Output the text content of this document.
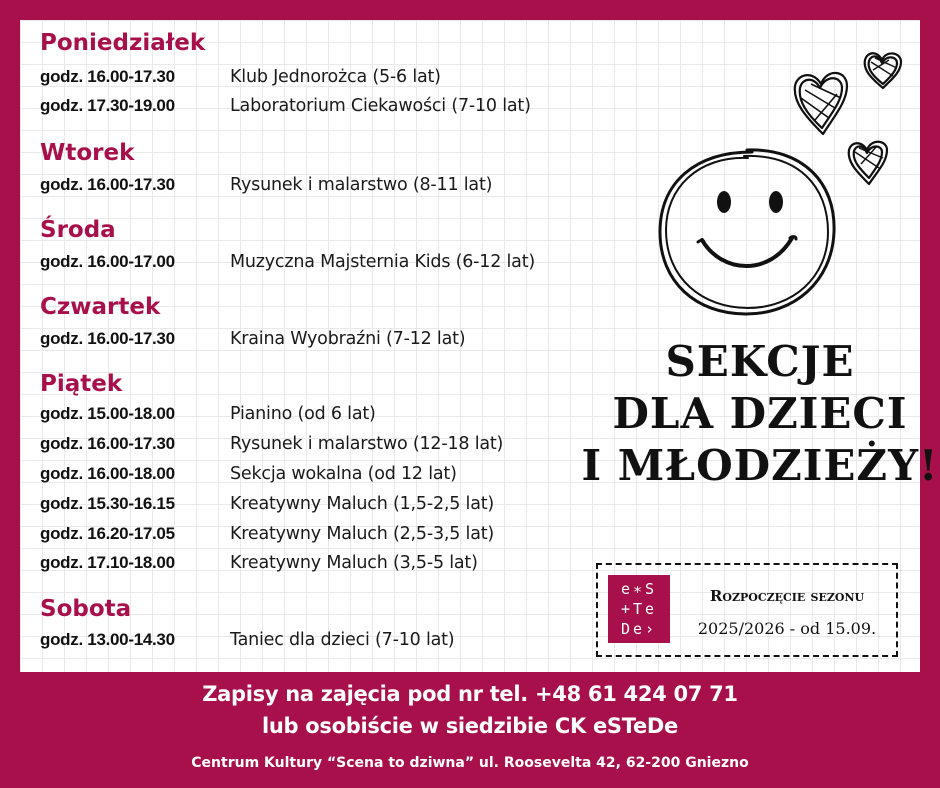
Poniedziałek
godz. 16.00-17.30	Klub Jednorożca (5-6 lat)
godz. 17.30-19.00	Laboratorium Ciekawości (7-10 lat)
Wtorek
godz. 16.00-17.30	Rysunek i malarstwo (8-11 lat)
Środa
godz. 16.00-17.00	Muzyczna Majsternia Kids (6-12 lat)
Czwartek
godz. 16.00-17.30	Kraina Wyobraźni (7-12 lat)
Piątek
godz. 15.00-18.00	Pianino (od 6 lat)
godz. 16.00-17.30	Rysunek i malarstwo (12-18 lat)
godz. 16.00-18.00	Sekcja wokalna (od 12 lat)
godz. 15.30-16.15	Kreatywny Maluch (1,5-2,5 lat)
godz. 16.20-17.05	Kreatywny Maluch (2,5-3,5 lat)
godz. 17.10-18.00	Kreatywny Maluch (3,5-5 lat)
Sobota
godz. 13.00-14.30	Taniec dla dzieci (7-10 lat)
SEKCJE
DLA DZIECI
I MŁODZIEŻY!
e∗S
+Te
De›
Rozpoczęcie sezonu
2025/2026 - od 15.09.
Zapisy na zajęcia pod nr tel. +48 61 424 07 71
lub osobiście w siedzibie CK eSTeDe
Centrum Kultury “Scena to dziwna” ul. Roosevelta 42, 62-200 Gniezno
